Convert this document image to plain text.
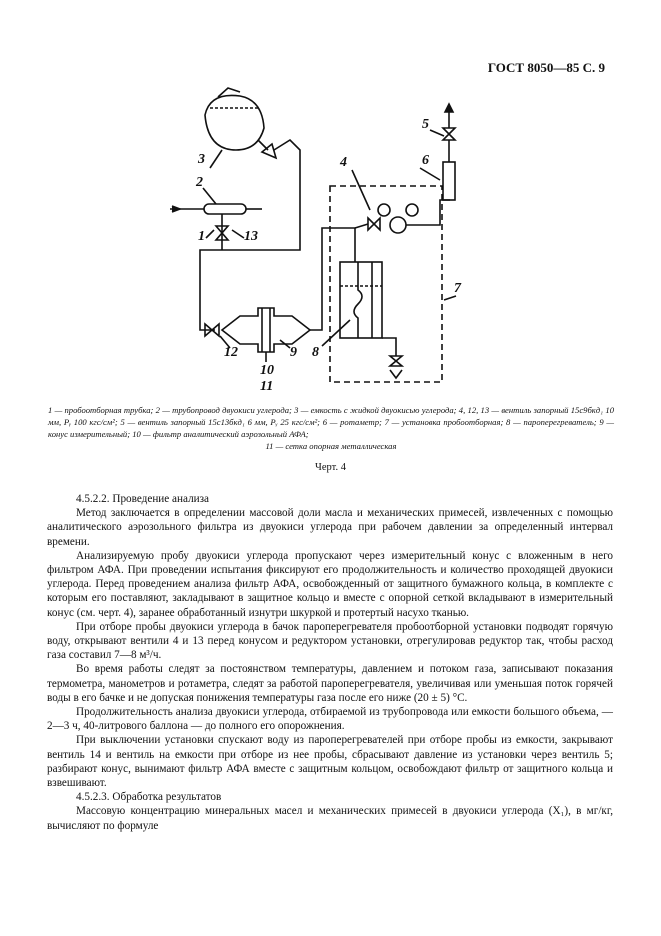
ГОСТ 8050—85 С. 9
3
2
1	13
5
6
4
7
12	9 8
10
11
1 — пробоотборная трубка; 2 — трубопровод двуокиси углерода; 3 — емкость с жидкой двуокисью углерода; 4, 12, 13 — вентиль запорный 15с9бкд₁ 10 мм, Рᵧ 100 кгс/см²; 5 — вентиль запорный 15с13бкд₁ 6 мм, Рᵧ 25 кгс/см²; 6 — ротаметр; 7 — установка пробоотборная; 8 — пароперегреватель; 9 — конус измерительный; 10 — фильтр аналитический аэрозольный АФА;
11 — сетка опорная металлическая
Черт. 4

4.5.2.2. Проведение анализа

Метод заключается в определении массовой доли масла и механических примесей, извлеченных с помощью аналитического аэрозольного фильтра из двуокиси углерода при рабочем давлении за определенный интервал времени.

Анализируемую пробу двуокиси углерода пропускают через измерительный конус с вложенным в него фильтром АФА. При проведении испытания фиксируют его продолжительность и количество проходящей двуокиси углерода. Перед проведением анализа фильтр АФА, освобожденный от защитного бумажного кольца, в комплекте с которым его поставляют, закладывают в защитное кольцо и вместе с опорной сеткой вкладывают в измерительный конус (см. черт. 4), заранее обработанный изнутри шкуркой и протертый насухо тканью.

При отборе пробы двуокиси углерода в бачок пароперегревателя пробоотборной установки подводят горячую воду, открывают вентили 4 и 13 перед конусом и редуктором установки, отрегулировав редуктор так, чтобы расход газа составил 7—8 м³/ч.

Во время работы следят за постоянством температуры, давлением и потоком газа, записывают показания термометра, манометров и ротаметра, следят за работой пароперегревателя, увеличивая или уменьшая поток горячей воды в его бачке и не допуская понижения температуры газа после его ниже (20 ± 5) °С.

Продолжительность анализа двуокиси углерода, отбираемой из трубопровода или емкости большого объема, — 2—3 ч, 40-литрового баллона — до полного его опорожнения.

При выключении установки спускают воду из пароперегревателей при отборе пробы из емкости, закрывают вентиль 14 и вентиль на емкости при отборе из нее пробы, сбрасывают давление из установки через вентиль 5; разбирают конус, вынимают фильтр АФА вместе с защитным кольцом, освобождают фильтр от защитного кольца и взвешивают.

4.5.2.3. Обработка результатов

Массовую концентрацию минеральных масел и механических примесей в двуокиси углерода (X₁), в мг/кг, вычисляют по формуле
